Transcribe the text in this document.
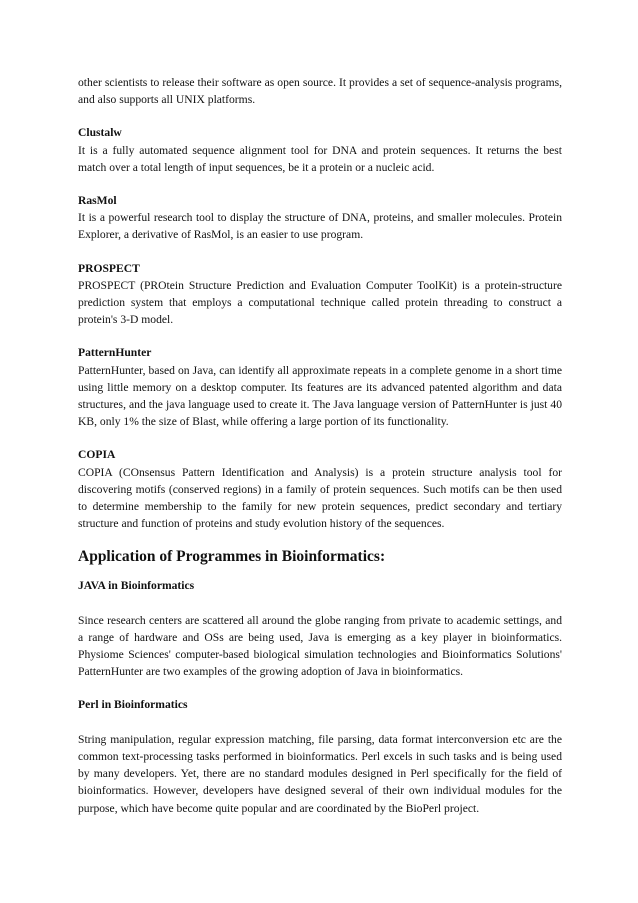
other scientists to release their software as open source. It provides a set of sequence-analysis programs, and also supports all UNIX platforms.

Clustalw

It is a fully automated sequence alignment tool for DNA and protein sequences. It returns the best match over a total length of input sequences, be it a protein or a nucleic acid.

RasMol

It is a powerful research tool to display the structure of DNA, proteins, and smaller molecules. Protein Explorer, a derivative of RasMol, is an easier to use program.

PROSPECT

PROSPECT (PROtein Structure Prediction and Evaluation Computer ToolKit) is a protein-structure prediction system that employs a computational technique called protein threading to construct a protein's 3-D model.

PatternHunter

PatternHunter, based on Java, can identify all approximate repeats in a complete genome in a short time using little memory on a desktop computer. Its features are its advanced patented algorithm and data structures, and the java language used to create it. The Java language version of PatternHunter is just 40 KB, only 1% the size of Blast, while offering a large portion of its functionality.

COPIA

COPIA (COnsensus Pattern Identification and Analysis) is a protein structure analysis tool for discovering motifs (conserved regions) in a family of protein sequences. Such motifs can be then used to determine membership to the family for new protein sequences, predict secondary and tertiary structure and function of proteins and study evolution history of the sequences.

Application of Programmes in Bioinformatics:

JAVA in Bioinformatics

Since research centers are scattered all around the globe ranging from private to academic settings, and a range of hardware and OSs are being used, Java is emerging as a key player in bioinformatics. Physiome Sciences' computer-based biological simulation technologies and Bioinformatics Solutions' PatternHunter are two examples of the growing adoption of Java in bioinformatics.

Perl in Bioinformatics

String manipulation, regular expression matching, file parsing, data format interconversion etc are the common text-processing tasks performed in bioinformatics. Perl excels in such tasks and is being used by many developers. Yet, there are no standard modules designed in Perl specifically for the field of bioinformatics. However, developers have designed several of their own individual modules for the purpose, which have become quite popular and are coordinated by the BioPerl project.
